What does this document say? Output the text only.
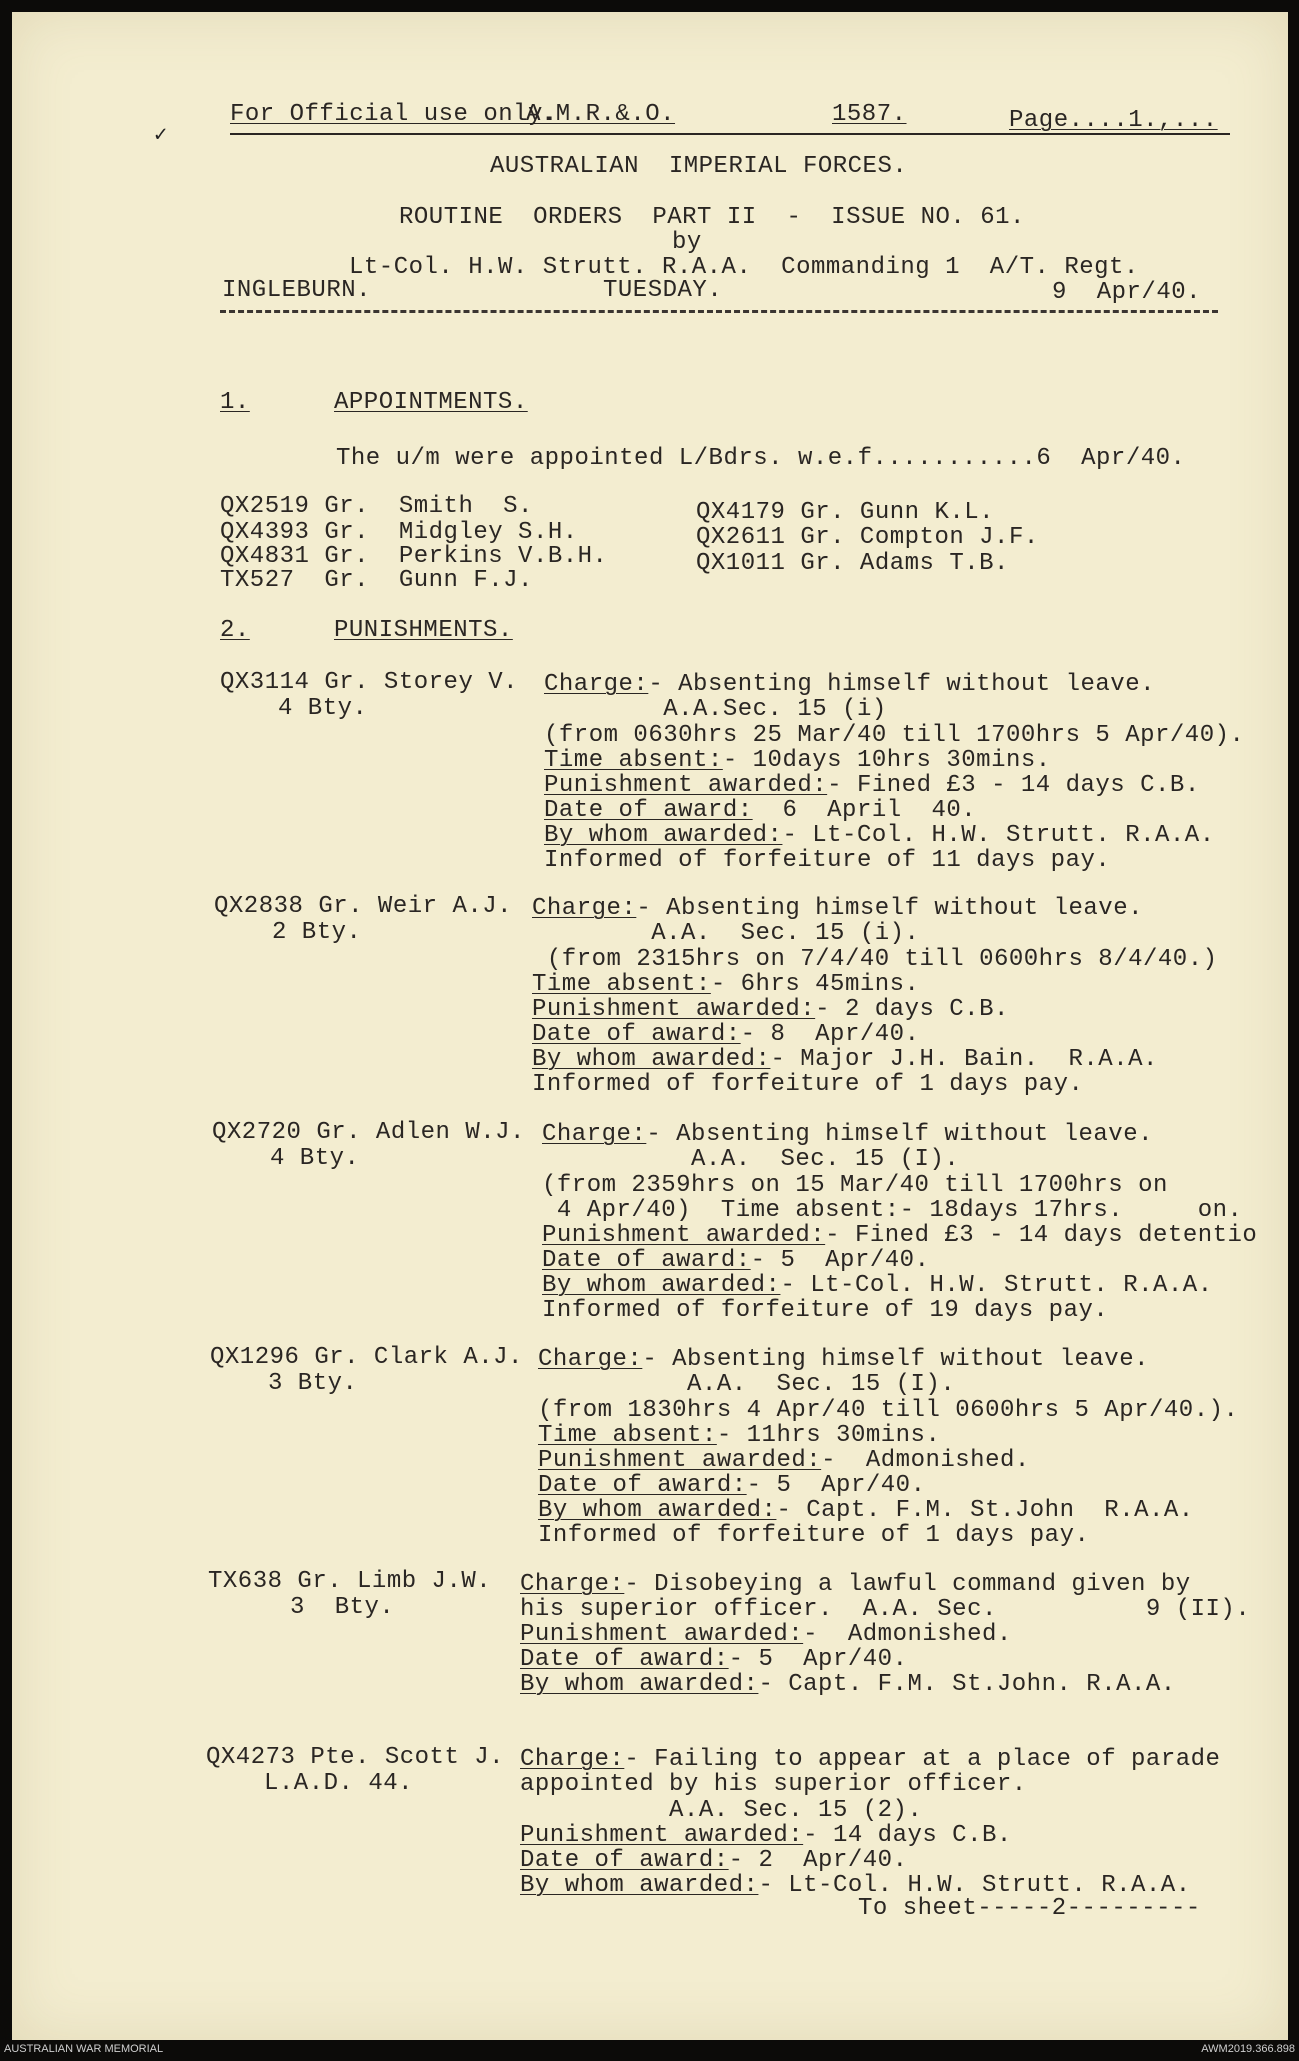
For Official use only.
A.M.R.&.O.	1587.	Page....1.,...
AUSTRALIAN  IMPERIAL FORCES.
ROUTINE  ORDERS  PART II  -  ISSUE NO. 61.
by
Lt-Col. H.W. Strutt. R.A.A.  Commanding 1  A/T. Regt.
INGLEBURN.	TUESDAY.	9  Apr/40.
1.	APPOINTMENTS.
The u/m were appointed L/Bdrs. w.e.f...........6  Apr/40.
QX2519 Gr.  Smith  S.
QX4393 Gr.  Midgley S.H.
QX4831 Gr.  Perkins V.B.H.
TX527  Gr.  Gunn F.J.
QX4179 Gr. Gunn K.L.
QX2611 Gr. Compton J.F.
QX1011 Gr. Adams T.B.
2.	PUNISHMENTS.
QX3114 Gr. Storey V.
4 Bty.
Charge:- Absenting himself without leave.
A.A.Sec. 15 (i)
(from 0630hrs 25 Mar/40 till 1700hrs 5 Apr/40).
Time absent:- 10days 10hrs 30mins.
Punishment awarded:- Fined £3 - 14 days C.B.
Date of award:  6  April  40.
By whom awarded:- Lt-Col. H.W. Strutt. R.A.A.
Informed of forfeiture of 11 days pay.
QX2838 Gr. Weir A.J.
2 Bty.
Charge:- Absenting himself without leave.
A.A.  Sec. 15 (i).
(from 2315hrs on 7/4/40 till 0600hrs 8/4/40.)
Time absent:- 6hrs 45mins.
Punishment awarded:- 2 days C.B.
Date of award:- 8  Apr/40.
By whom awarded:- Major J.H. Bain.  R.A.A.
Informed of forfeiture of 1 days pay.
QX2720 Gr. Adlen W.J.
4 Bty.
Charge:- Absenting himself without leave.
A.A.  Sec. 15 (I).
(from 2359hrs on 15 Mar/40 till 1700hrs on
4 Apr/40)  Time absent:- 18days 17hrs.     on.
Punishment awarded:- Fined £3 - 14 days detentio
Date of award:- 5  Apr/40.
By whom awarded:- Lt-Col. H.W. Strutt. R.A.A.
Informed of forfeiture of 19 days pay.
QX1296 Gr. Clark A.J.
3 Bty.
Charge:- Absenting himself without leave.
A.A.  Sec. 15 (I).
(from 1830hrs 4 Apr/40 till 0600hrs 5 Apr/40.).
Time absent:- 11hrs 30mins.
Punishment awarded:-  Admonished.
Date of award:- 5  Apr/40.
By whom awarded:- Capt. F.M. St.John  R.A.A.
Informed of forfeiture of 1 days pay.
TX638 Gr. Limb J.W.
3  Bty.
Charge:- Disobeying a lawful command given by
his superior officer.  A.A. Sec.          9 (II).
Punishment awarded:-  Admonished.
Date of award:- 5  Apr/40.
By whom awarded:- Capt. F.M. St.John. R.A.A.
QX4273 Pte. Scott J.
L.A.D. 44.
Charge:- Failing to appear at a place of parade
appointed by his superior officer.
A.A. Sec. 15 (2).
Punishment awarded:- 14 days C.B.
Date of award:- 2  Apr/40.
By whom awarded:- Lt-Col. H.W. Strutt. R.A.A.
To sheet-----2---------
✓
AUSTRALIAN WAR MEMORIAL	AWM2019.366.898
